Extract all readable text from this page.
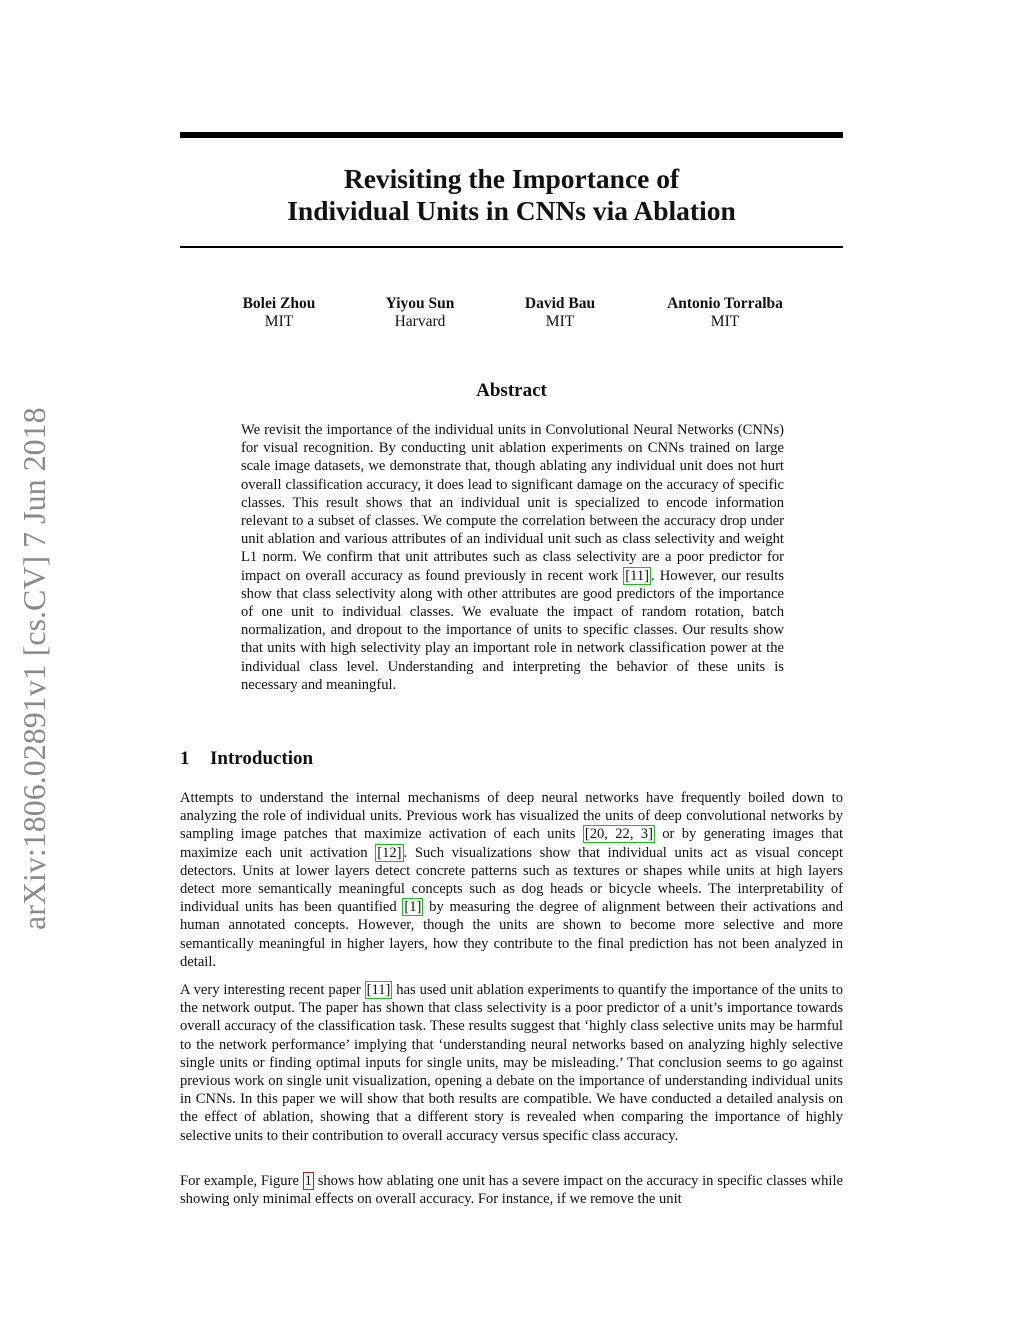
arXiv:1806.02891v1 [cs.CV] 7 Jun 2018
Revisiting the Importance of
Individual Units in CNNs via Ablation
Bolei Zhou
MIT
Yiyou Sun
Harvard
David Bau
MIT
Antonio Torralba
MIT
Abstract

We revisit the importance of the individual units in Convolutional Neural Networks (CNNs) for visual recognition. By conducting unit ablation experiments on CNNs trained on large scale image datasets, we demonstrate that, though ablating any individual unit does not hurt overall classification accuracy, it does lead to significant damage on the accuracy of specific classes. This result shows that an individual unit is specialized to encode information relevant to a subset of classes. We compute the correlation between the accuracy drop under unit ablation and various attributes of an individual unit such as class selectivity and weight L1 norm. We confirm that unit attributes such as class selectivity are a poor predictor for impact on overall accuracy as found previously in recent work [11] . However, our results show that class selectivity along with other attributes are good predictors of the importance of one unit to individual classes. We evaluate the impact of random rotation, batch normalization, and dropout to the importance of units to specific classes. Our results show that units with high selectivity play an important role in network classification power at the individual class level. Understanding and interpreting the behavior of these units is necessary and meaningful.

1 Introduction

Attempts to understand the internal mechanisms of deep neural networks have frequently boiled down to analyzing the role of individual units. Previous work has visualized the units of deep convolutional networks by sampling image patches that maximize activation of each units [20, 22, 3] or by generating images that maximize each unit activation [12] . Such visualizations show that individual units act as visual concept detectors. Units at lower layers detect concrete patterns such as textures or shapes while units at high layers detect more semantically meaningful concepts such as dog heads or bicycle wheels. The interpretability of individual units has been quantified [1] by measuring the degree of alignment between their activations and human annotated concepts. However, though the units are shown to become more selective and more semantically meaningful in higher layers, how they contribute to the final prediction has not been analyzed in detail.

A very interesting recent paper [11] has used unit ablation experiments to quantify the importance of the units to the network output. The paper has shown that class selectivity is a poor predictor of a unit’s importance towards overall accuracy of the classification task. These results suggest that ‘highly class selective units may be harmful to the network performance’ implying that ‘understanding neural networks based on analyzing highly selective single units or finding optimal inputs for single units, may be misleading.’ That conclusion seems to go against previous work on single unit visualization, opening a debate on the importance of understanding individual units in CNNs. In this paper we will show that both results are compatible. We have conducted a detailed analysis on the effect of ablation, showing that a different story is revealed when comparing the importance of highly selective units to their contribution to overall accuracy versus specific class accuracy.

For example, Figure 1 shows how ablating one unit has a severe impact on the accuracy in specific classes while showing only minimal effects on overall accuracy. For instance, if we remove the unit
